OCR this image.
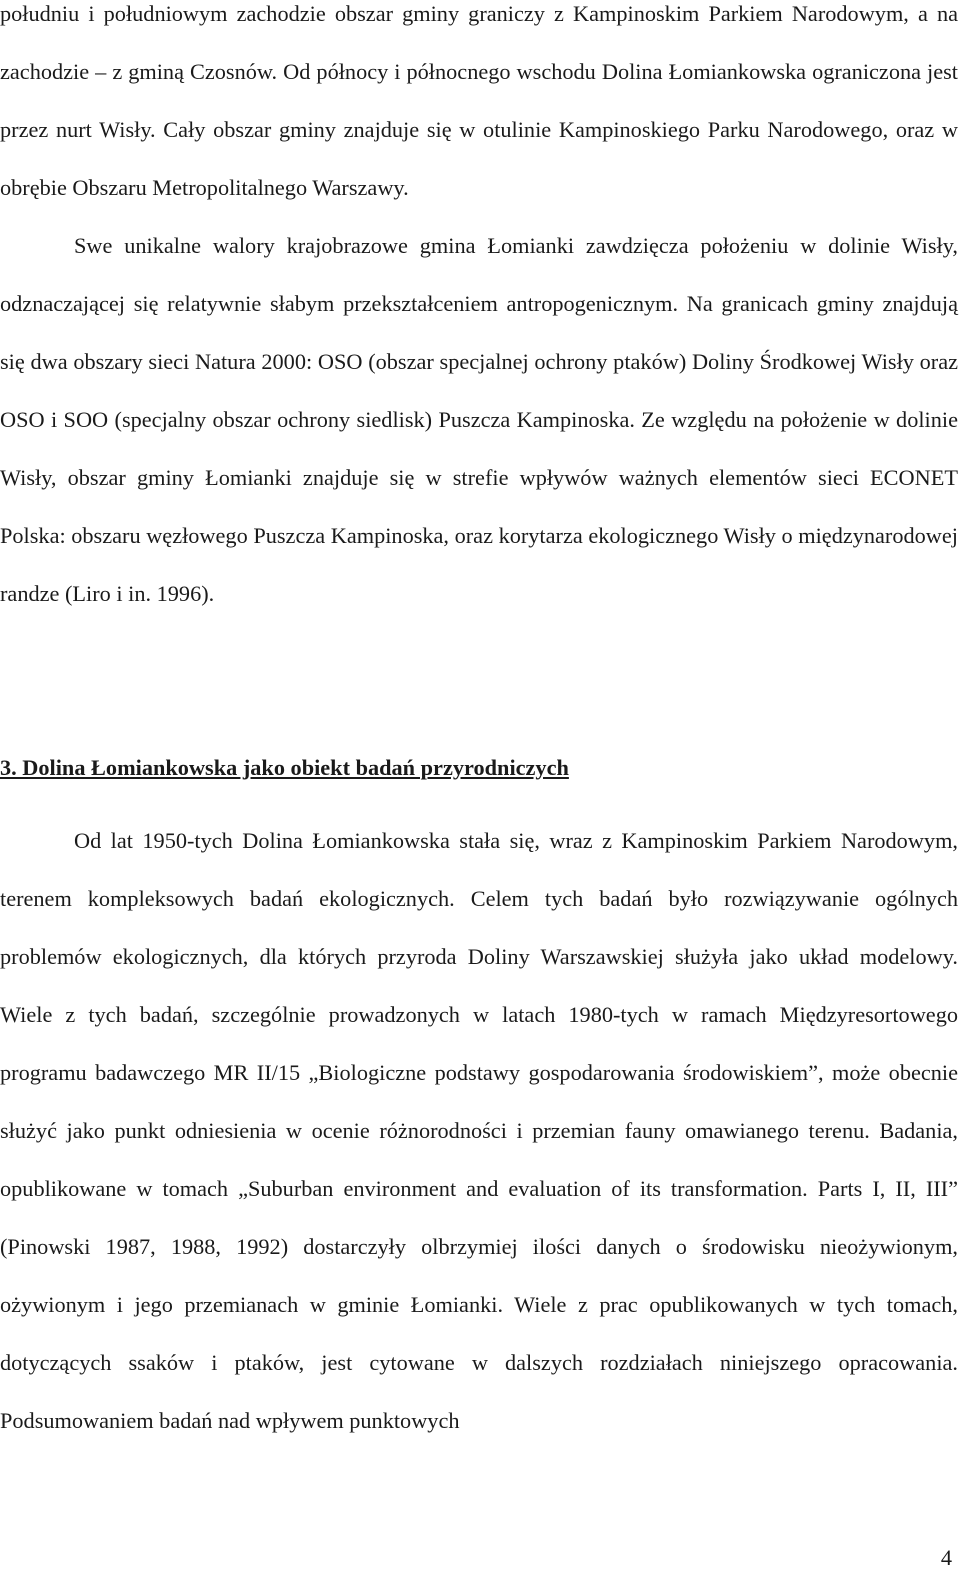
południu i południowym zachodzie obszar gminy graniczy z Kampinoskim Parkiem Narodowym, a na zachodzie – z gminą Czosnów. Od północy i północnego wschodu Dolina Łomiankowska ograniczona jest przez nurt Wisły. Cały obszar gminy znajduje się w otulinie Kampinoskiego Parku Narodowego, oraz w obrębie Obszaru Metropolitalnego Warszawy.

Swe unikalne walory krajobrazowe gmina Łomianki zawdzięcza położeniu w dolinie Wisły, odznaczającej się relatywnie słabym przekształceniem antropogenicznym. Na granicach gminy znajdują się dwa obszary sieci Natura 2000: OSO (obszar specjalnej ochrony ptaków) Doliny Środkowej Wisły oraz OSO i SOO (specjalny obszar ochrony siedlisk) Puszcza Kampinoska. Ze względu na położenie w dolinie Wisły, obszar gminy Łomianki znajduje się w strefie wpływów ważnych elementów sieci ECONET Polska: obszaru węzłowego Puszcza Kampinoska, oraz korytarza ekologicznego Wisły o międzynarodowej randze (Liro i in. 1996).

3. Dolina Łomiankowska jako obiekt badań przyrodniczych

Od lat 1950-tych Dolina Łomiankowska stała się, wraz z Kampinoskim Parkiem Narodowym, terenem kompleksowych badań ekologicznych. Celem tych badań było rozwiązywanie ogólnych problemów ekologicznych, dla których przyroda Doliny Warszawskiej służyła jako układ modelowy. Wiele z tych badań, szczególnie prowadzonych w latach 1980-tych w ramach Międzyresortowego programu badawczego MR II/15 „Biologiczne podstawy gospodarowania środowiskiem”, może obecnie służyć jako punkt odniesienia w ocenie różnorodności i przemian fauny omawianego terenu. Badania, opublikowane w tomach „Suburban environment and evaluation of its transformation. Parts I, II, III” (Pinowski 1987, 1988, 1992) dostarczyły olbrzymiej ilości danych o środowisku nieożywionym, ożywionym i jego przemianach w gminie Łomianki. Wiele z prac opublikowanych w tych tomach, dotyczących ssaków i ptaków, jest cytowane w dalszych rozdziałach niniejszego opracowania. Podsumowaniem badań nad wpływem punktowych

4
